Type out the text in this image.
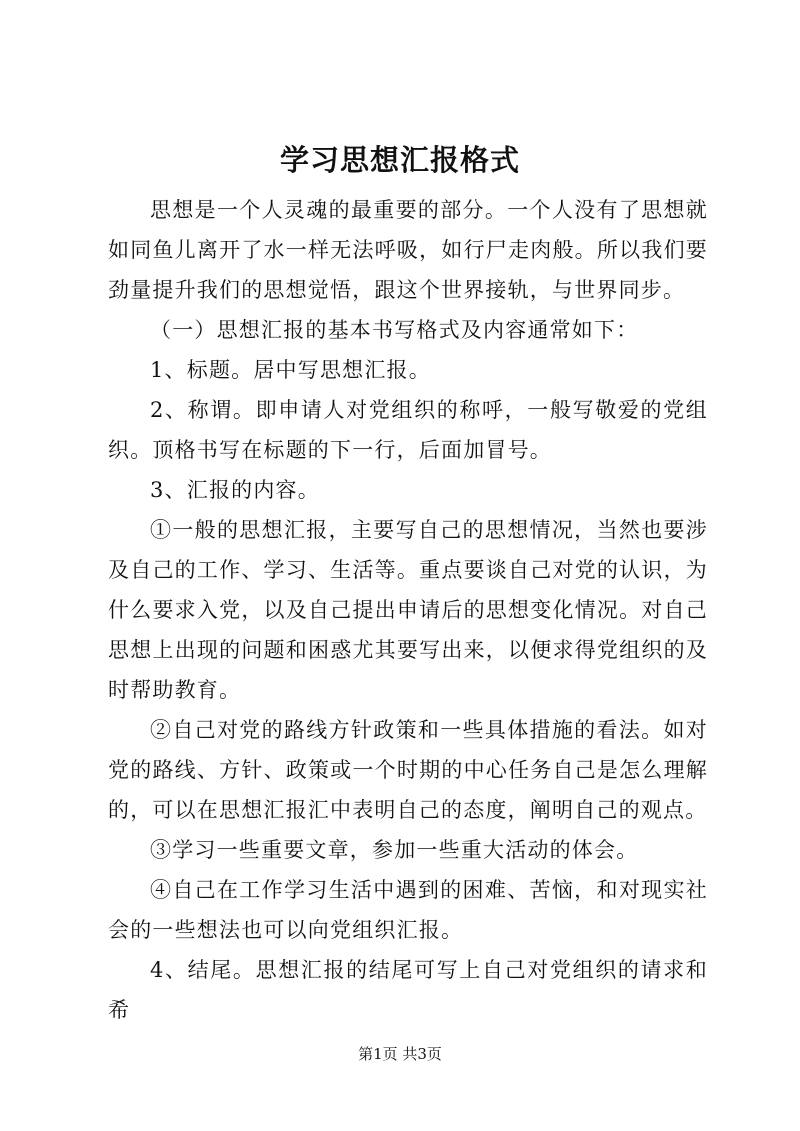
学习思想汇报格式

思想是一个人灵魂的最重要的部分。一个人没有了思想就如同鱼儿离开了水一样无法呼吸，如行尸走肉般。所以我们要劲量提升我们的思想觉悟，跟这个世界接轨，与世界同步。

（一）思想汇报的基本书写格式及内容通常如下：

1、标题。居中写思想汇报。

2、称谓。即申请人对党组织的称呼，一般写敬爱的党组织。顶格书写在标题的下一行，后面加冒号。

3、汇报的内容。

①一般的思想汇报，主要写自己的思想情况，当然也要涉及自己的工作、学习、生活等。重点要谈自己对党的认识，为什么要求入党，以及自己提出申请后的思想变化情况。对自己思想上出现的问题和困惑尤其要写出来，以便求得党组织的及时帮助教育。

②自己对党的路线方针政策和一些具体措施的看法。如对党的路线、方针、政策或一个时期的中心任务自己是怎么理解的，可以在思想汇报汇中表明自己的态度，阐明自己的观点。

③学习一些重要文章，参加一些重大活动的体会。

④自己在工作学习生活中遇到的困难、苦恼，和对现实社会的一些想法也可以向党组织汇报。

4、结尾。思想汇报的结尾可写上自己对党组织的请求和希

第1页 共3页
